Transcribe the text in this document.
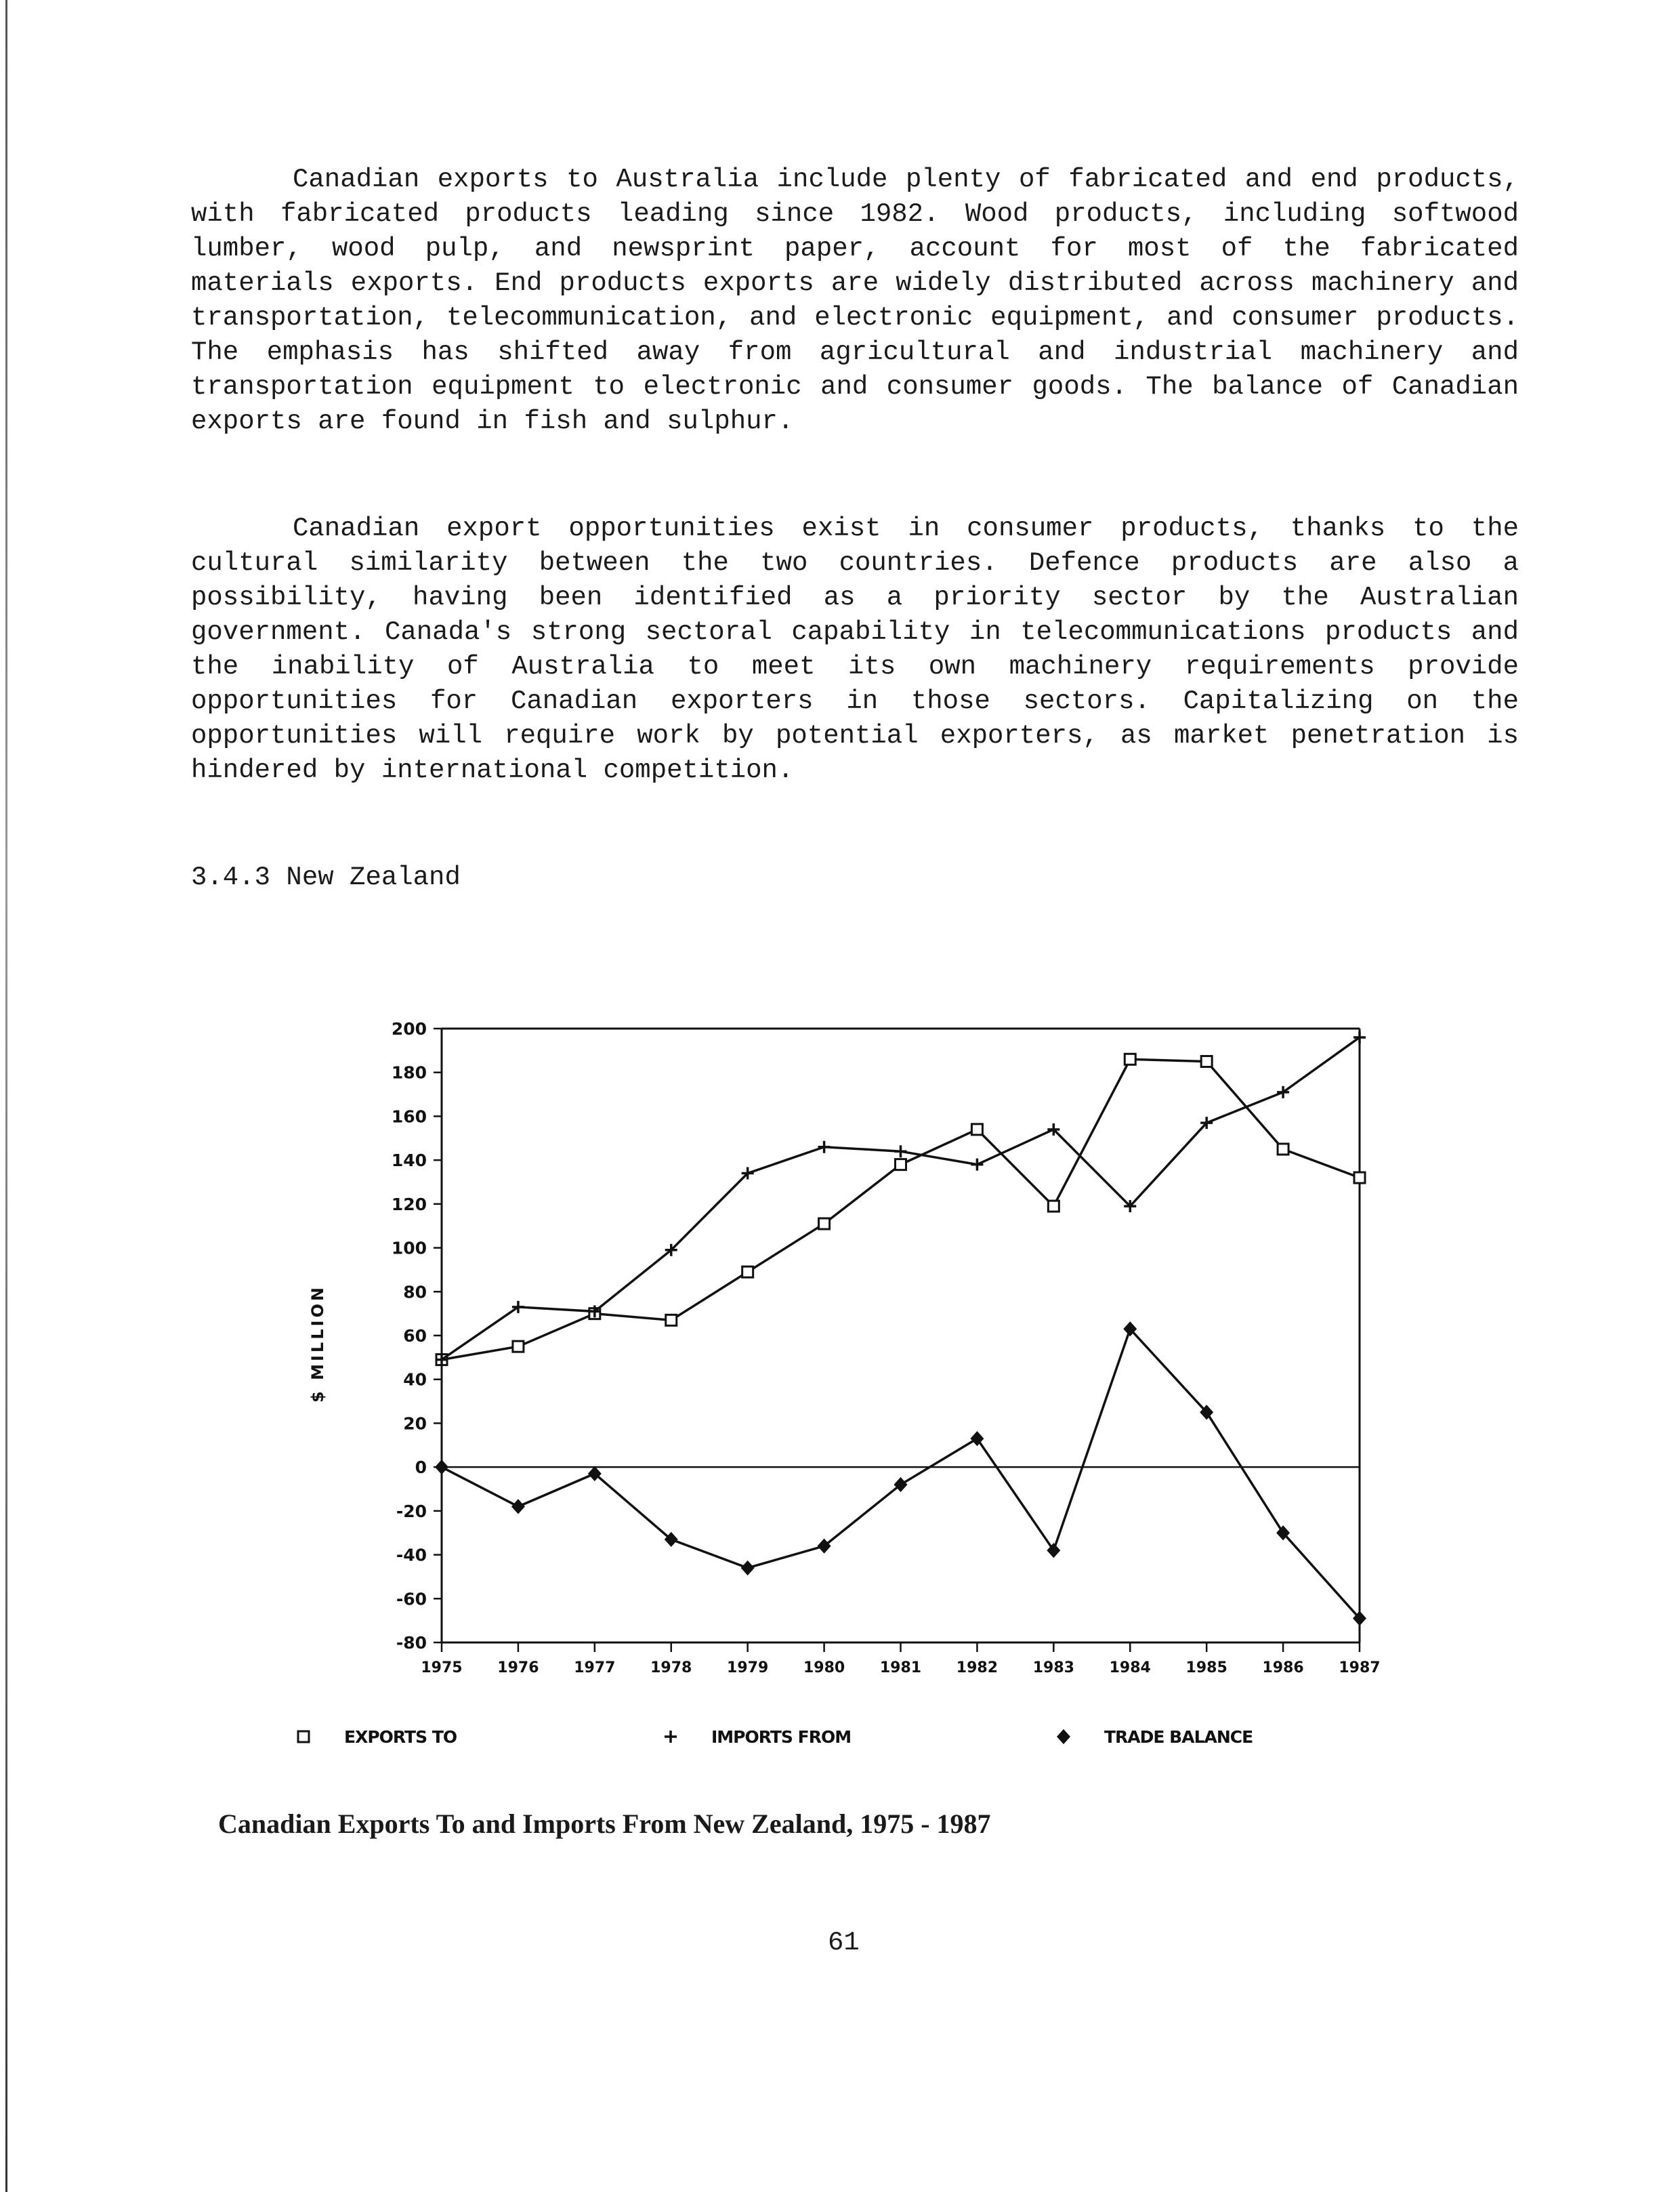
Canadian exports to Australia include plenty of fabricated and end products, with fabricated products leading since 1982. Wood products, including softwood lumber, wood pulp, and newsprint paper, account for most of the fabricated materials exports. End products exports are widely distributed across machinery and transportation, telecommunication, and electronic equipment, and consumer products. The emphasis has shifted away from agricultural and industrial machinery and transportation equipment to electronic and consumer goods. The balance of Canadian exports are found in fish and sulphur.

Canadian export opportunities exist in consumer products, thanks to the cultural similarity between the two countries. Defence products are also a possibility, having been identified as a priority sector by the Australian government. Canada's strong sectoral capability in telecommunications products and the inability of Australia to meet its own machinery requirements provide opportunities for Canadian exporters in those sectors. Capitalizing on the opportunities will require work by potential exporters, as market penetration is hindered by international competition.

3.4.3 New Zealand
-80
-60
-40
-20
0
20
40
60
80
100
120
140
160
180
200
1975 1976 1977 1978 1979 1980 1981 1982 1983 1984 1985 1986 1987
$ MILLION
EXPORTS TO	IMPORTS FROM	TRADE BALANCE

Canadian Exports To and Imports From New Zealand, 1975 - 1987

61
